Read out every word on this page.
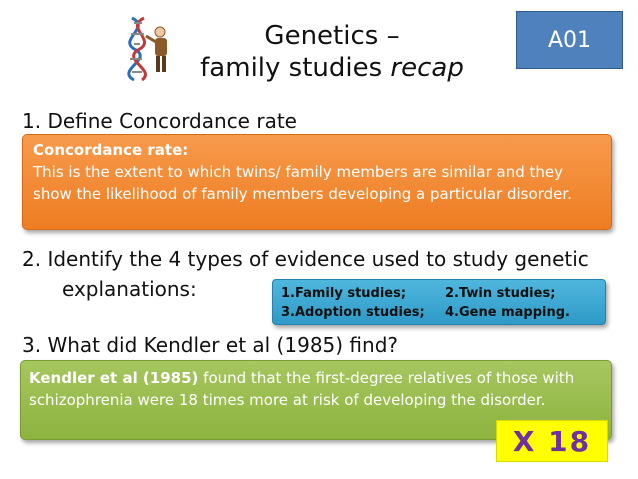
Genetics –
family studies recap
A01
1. Define Concordance rate
Concordance rate:
This is the extent to which twins/ family members are similar and they show the likelihood of family members developing a particular disorder.
2. Identify the 4 types of evidence used to study genetic
explanations:	1.Family studies;	2.Twin studies;
3.Adoption studies; 4.Gene mapping.
3. What did Kendler et al (1985) find?
Kendler et al (1985) found that the first-degree relatives of those with schizophrenia were 18 times more at risk of developing the disorder.
X 18
